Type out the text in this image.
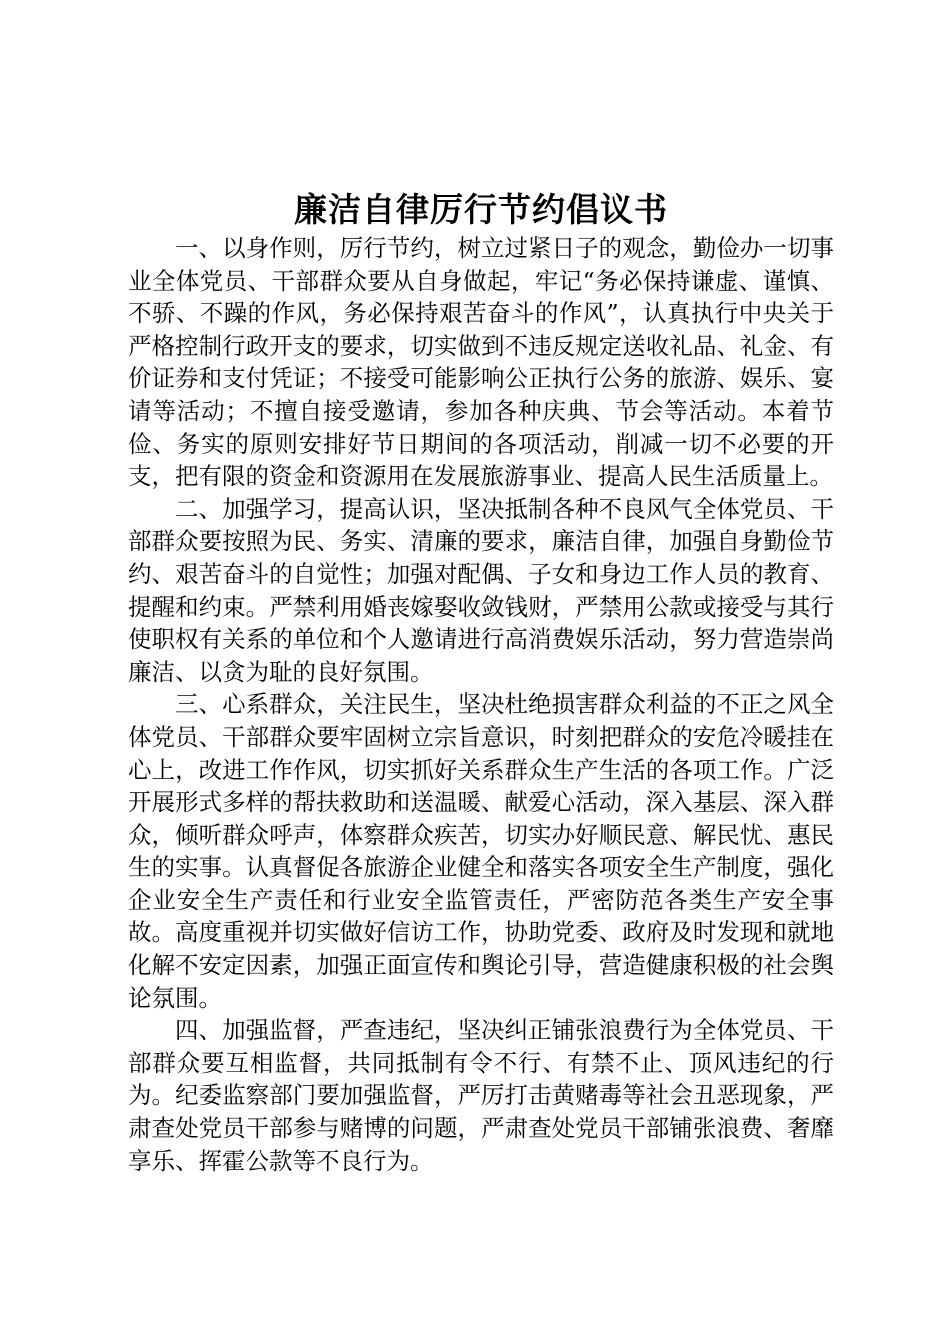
廉洁自律厉行节约倡议书

一、以身作则，厉行节约，树立过紧日子的观念，勤俭办一切事业全体党员、干部群众要从自身做起，牢记“务必保持谦虚、谨慎、不骄、不躁的作风，务必保持艰苦奋斗的作风”，认真执行中央关于严格控制行政开支的要求，切实做到不违反规定送收礼品、礼金、有价证券和支付凭证；不接受可能影响公正执行公务的旅游、娱乐、宴请等活动；不擅自接受邀请，参加各种庆典、节会等活动。本着节俭、务实的原则安排好节日期间的各项活动，削减一切不必要的开支，把有限的资金和资源用在发展旅游事业、提高人民生活质量上。

二、加强学习，提高认识，坚决抵制各种不良风气全体党员、干部群众要按照为民、务实、清廉的要求，廉洁自律，加强自身勤俭节约、艰苦奋斗的自觉性；加强对配偶、子女和身边工作人员的教育、提醒和约束。严禁利用婚丧嫁娶收敛钱财，严禁用公款或接受与其行使职权有关系的单位和个人邀请进行高消费娱乐活动，努力营造崇尚廉洁、以贪为耻的良好氛围。

三、心系群众，关注民生，坚决杜绝损害群众利益的不正之风全体党员、干部群众要牢固树立宗旨意识，时刻把群众的安危冷暖挂在心上，改进工作作风，切实抓好关系群众生产生活的各项工作。广泛开展形式多样的帮扶救助和送温暖、献爱心活动，深入基层、深入群众，倾听群众呼声，体察群众疾苦，切实办好顺民意、解民忧、惠民生的实事。认真督促各旅游企业健全和落实各项安全生产制度，强化企业安全生产责任和行业安全监管责任，严密防范各类生产安全事故。高度重视并切实做好信访工作，协助党委、政府及时发现和就地化解不安定因素，加强正面宣传和舆论引导，营造健康积极的社会舆论氛围。

四、加强监督，严查违纪，坚决纠正铺张浪费行为全体党员、干部群众要互相监督，共同抵制有令不行、有禁不止、顶风违纪的行为。纪委监察部门要加强监督，严厉打击黄赌毒等社会丑恶现象，严肃查处党员干部参与赌博的问题，严肃查处党员干部铺张浪费、奢靡享乐、挥霍公款等不良行为。
